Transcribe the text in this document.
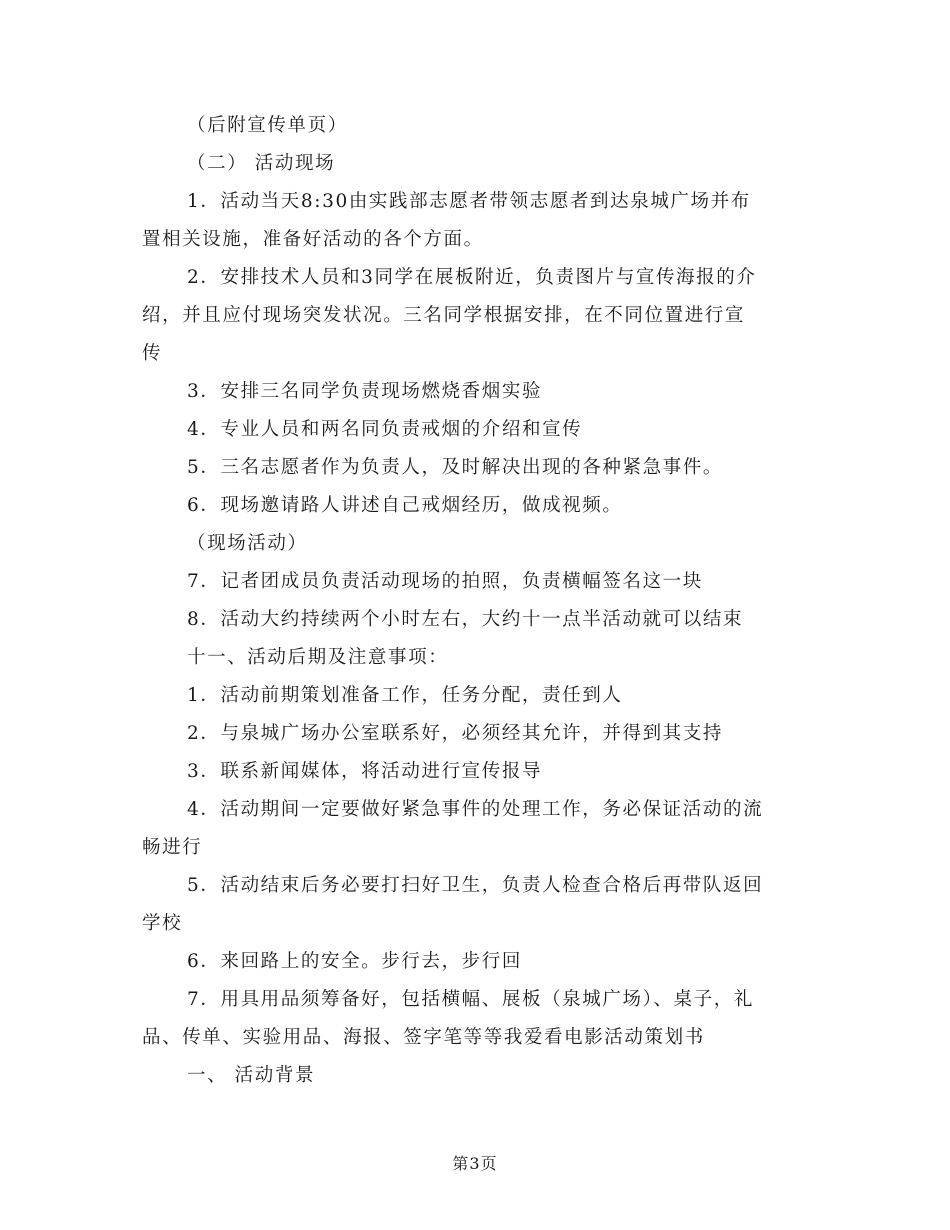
（后附宣传单页）
（二） 活动现场
1．活动当天8:30由实践部志愿者带领志愿者到达泉城广场并布
置相关设施，准备好活动的各个方面。
2．安排技术人员和3同学在展板附近，负责图片与宣传海报的介
绍，并且应付现场突发状况。三名同学根据安排，在不同位置进行宣
传
3．安排三名同学负责现场燃烧香烟实验
4．专业人员和两名同负责戒烟的介绍和宣传
5．三名志愿者作为负责人，及时解决出现的各种紧急事件。
6．现场邀请路人讲述自己戒烟经历，做成视频。
（现场活动）
7．记者团成员负责活动现场的拍照，负责横幅签名这一块
8．活动大约持续两个小时左右，大约十一点半活动就可以结束
十一、活动后期及注意事项：
1．活动前期策划准备工作，任务分配，责任到人
2．与泉城广场办公室联系好，必须经其允许，并得到其支持
3．联系新闻媒体，将活动进行宣传报导
4．活动期间一定要做好紧急事件的处理工作，务必保证活动的流
畅进行
5．活动结束后务必要打扫好卫生，负责人检查合格后再带队返回
学校
6．来回路上的安全。步行去，步行回
7．用具用品须筹备好，包括横幅、展板（泉城广场）、桌子，礼
品、传单、实验用品、海报、签字笔等等我爱看电影活动策划书
一、 活动背景
第3页
